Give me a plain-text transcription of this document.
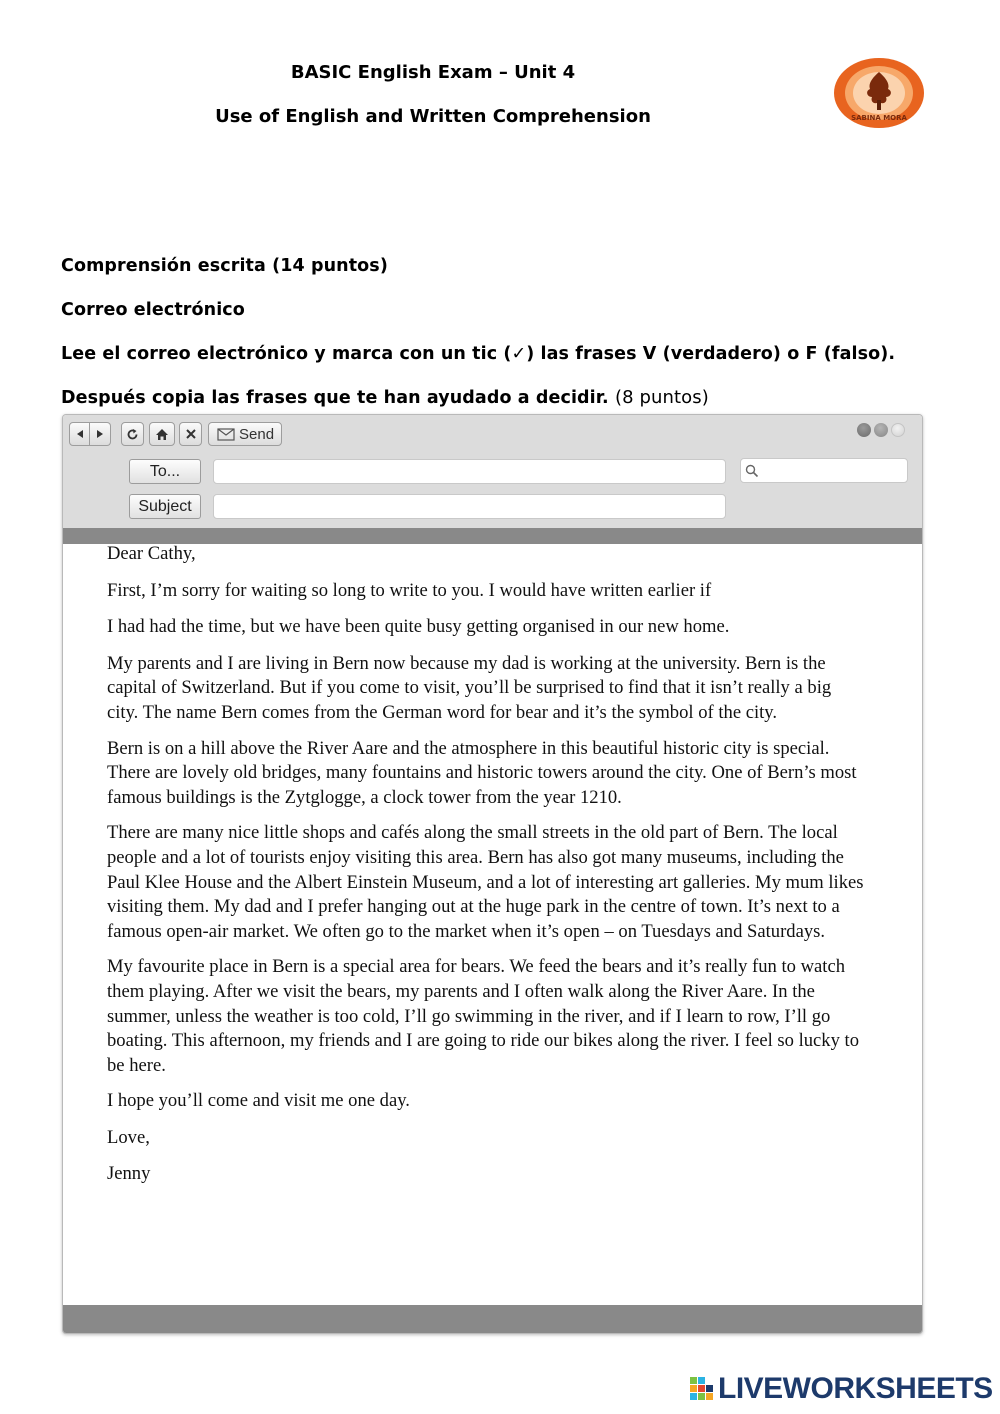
BASIC English Exam – Unit 4
Use of English and Written Comprehension	SABINA MORA
Comprensión escrita (14 puntos)
Correo electrónico
Lee el correo electrónico y marca con un tic (✓) las frases V (verdadero) o F (falso).
Después copia las frases que te han ayudado a decidir. (8 puntos)
Send
To...
Subject

Dear Cathy,

First, I’m sorry for waiting so long to write to you. I would have written earlier if

I had had the time, but we have been quite busy getting organised in our new home.

My parents and I are living in Bern now because my dad is working at the university. Bern is the capital of Switzerland. But if you come to visit, you’ll be surprised to find that it isn’t really a big city. The name Bern comes from the German word for bear and it’s the symbol of the city.

Bern is on a hill above the River Aare and the atmosphere in this beautiful historic city is special. There are lovely old bridges, many fountains and historic towers around the city. One of Bern’s most famous buildings is the Zytglogge, a clock tower from the year 1210.

There are many nice little shops and cafés along the small streets in the old part of Bern. The local people and a lot of tourists enjoy visiting this area. Bern has also got many museums, including the Paul Klee House and the Albert Einstein Museum, and a lot of interesting art galleries. My mum likes visiting them. My dad and I prefer hanging out at the huge park in the centre of town. It’s next to a famous open-air market. We often go to the market when it’s open – on Tuesdays and Saturdays.

My favourite place in Bern is a special area for bears. We feed the bears and it’s really fun to watch them playing. After we visit the bears, my parents and I often walk along the River Aare. In the summer, unless the weather is too cold, I’ll go swimming in the river, and if I learn to row, I’ll go boating. This afternoon, my friends and I are going to ride our bikes along the river. I feel so lucky to be here.

I hope you’ll come and visit me one day.

Love,

Jenny

LIVEWORKSHEETS
